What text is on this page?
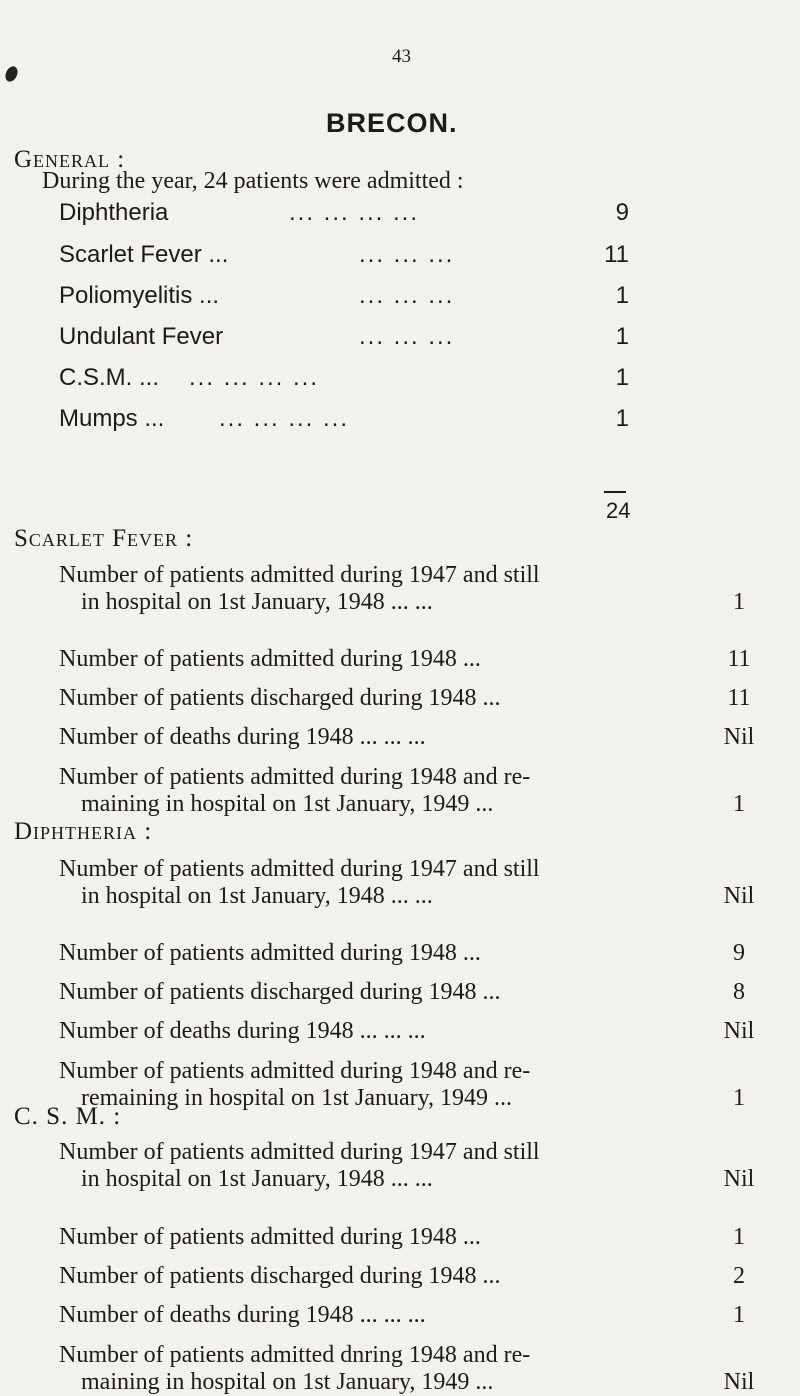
43
BRECON.
General :
During the year, 24 patients were admitted :
Diphtheria	... ... ... ...	9
Scarlet Fever ...	... ... ...	11
Poliomyelitis ...	... ... ...	1
Undulant Fever	... ... ...	1
C.S.M. ... ... ... ... ...	1
Mumps ... ... ... ... ...	1
24
Scarlet Fever :
Number of patients admitted during 1947 and still
in hospital on 1st January, 1948 ... ...	1
Number of patients admitted during 1948 ...	11
Number of patients discharged during 1948 ...	11
Number of deaths during 1948 ... ... ...	Nil
Number of patients admitted during 1948 and re-
maining in hospital on 1st January, 1949 ...	1
Diphtheria :
Number of patients admitted during 1947 and still
in hospital on 1st January, 1948 ... ...	Nil
Number of patients admitted during 1948 ...	9
Number of patients discharged during 1948 ...	8
Number of deaths during 1948 ... ... ...	Nil
Number of patients admitted during 1948 and re-
remaining in hospital on 1st January, 1949 ...	1
C. S. M. :
Number of patients admitted during 1947 and still
in hospital on 1st January, 1948 ... ...	Nil
Number of patients admitted during 1948 ...	1
Number of patients discharged during 1948 ...	2
Number of deaths during 1948 ... ... ...	1
Number of patients admitted dnring 1948 and re-
maining in hospital on 1st January, 1949 ...	Nil
